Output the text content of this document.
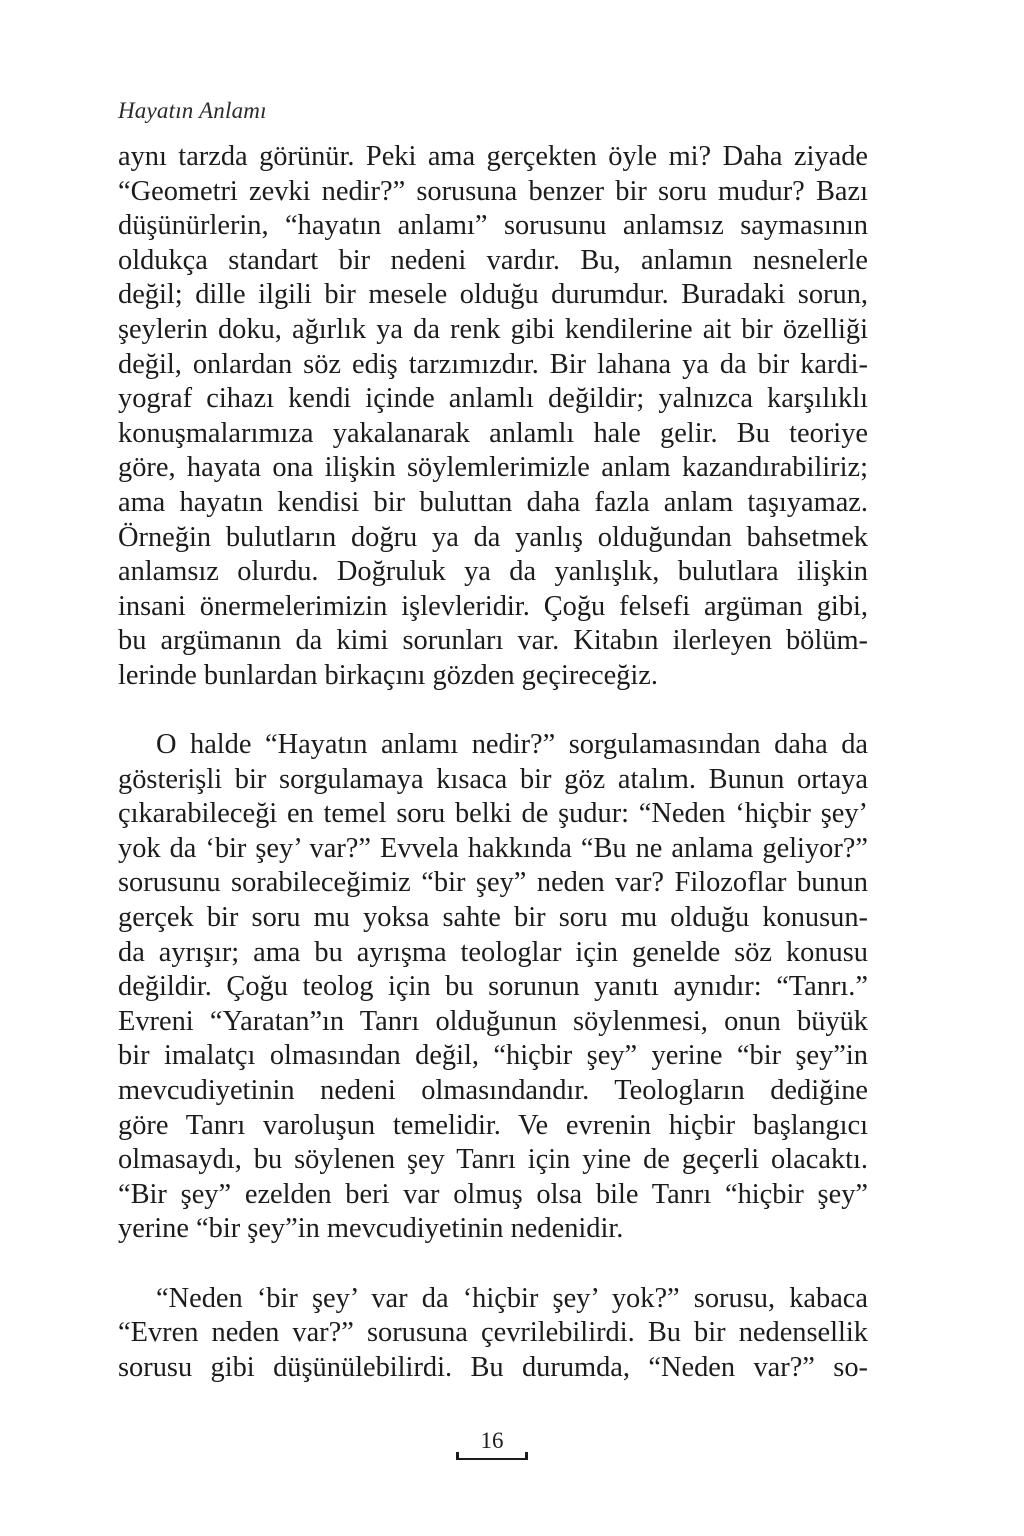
Hayatın Anlamı
aynı tarzda görünür. Peki ama gerçekten öyle mi? Daha ziyade
“Geometri zevki nedir?” sorusuna benzer bir soru mudur? Bazı
düşünürlerin, “hayatın anlamı” sorusunu anlamsız saymasının
oldukça standart bir nedeni vardır. Bu, anlamın nesnelerle
değil; dille ilgili bir mesele olduğu durumdur. Buradaki sorun,
şeylerin doku, ağırlık ya da renk gibi kendilerine ait bir özelliği
değil, onlardan söz ediş tarzımızdır. Bir lahana ya da bir kardi-
yograf cihazı kendi içinde anlamlı değildir; yalnızca karşılıklı
konuşmalarımıza yakalanarak anlamlı hale gelir. Bu teoriye
göre, hayata ona ilişkin söylemlerimizle anlam kazandırabiliriz;
ama hayatın kendisi bir buluttan daha fazla anlam taşıyamaz.
Örneğin bulutların doğru ya da yanlış olduğundan bahsetmek
anlamsız olurdu. Doğruluk ya da yanlışlık, bulutlara ilişkin
insani önermelerimizin işlevleridir. Çoğu felsefi argüman gibi,
bu argümanın da kimi sorunları var. Kitabın ilerleyen bölüm-
lerinde bunlardan birkaçını gözden geçireceğiz.
O halde “Hayatın anlamı nedir?” sorgulamasından daha da
gösterişli bir sorgulamaya kısaca bir göz atalım. Bunun ortaya
çıkarabileceği en temel soru belki de şudur: “Neden ‘hiçbir şey’
yok da ‘bir şey’ var?” Evvela hakkında “Bu ne anlama geliyor?”
sorusunu sorabileceğimiz “bir şey” neden var? Filozoflar bunun
gerçek bir soru mu yoksa sahte bir soru mu olduğu konusun-
da ayrışır; ama bu ayrışma teologlar için genelde söz konusu
değildir. Çoğu teolog için bu sorunun yanıtı aynıdır: “Tanrı.”
Evreni “Yaratan”ın Tanrı olduğunun söylenmesi, onun büyük
bir imalatçı olmasından değil, “hiçbir şey” yerine “bir şey”in
mevcudiyetinin nedeni olmasındandır. Teologların dediğine
göre Tanrı varoluşun temelidir. Ve evrenin hiçbir başlangıcı
olmasaydı, bu söylenen şey Tanrı için yine de geçerli olacaktı.
“Bir şey” ezelden beri var olmuş olsa bile Tanrı “hiçbir şey”
yerine “bir şey”in mevcudiyetinin nedenidir.
“Neden ‘bir şey’ var da ‘hiçbir şey’ yok?” sorusu, kabaca
“Evren neden var?” sorusuna çevrilebilirdi. Bu bir nedensellik
sorusu gibi düşünülebilirdi. Bu durumda, “Neden var?” so-
16
